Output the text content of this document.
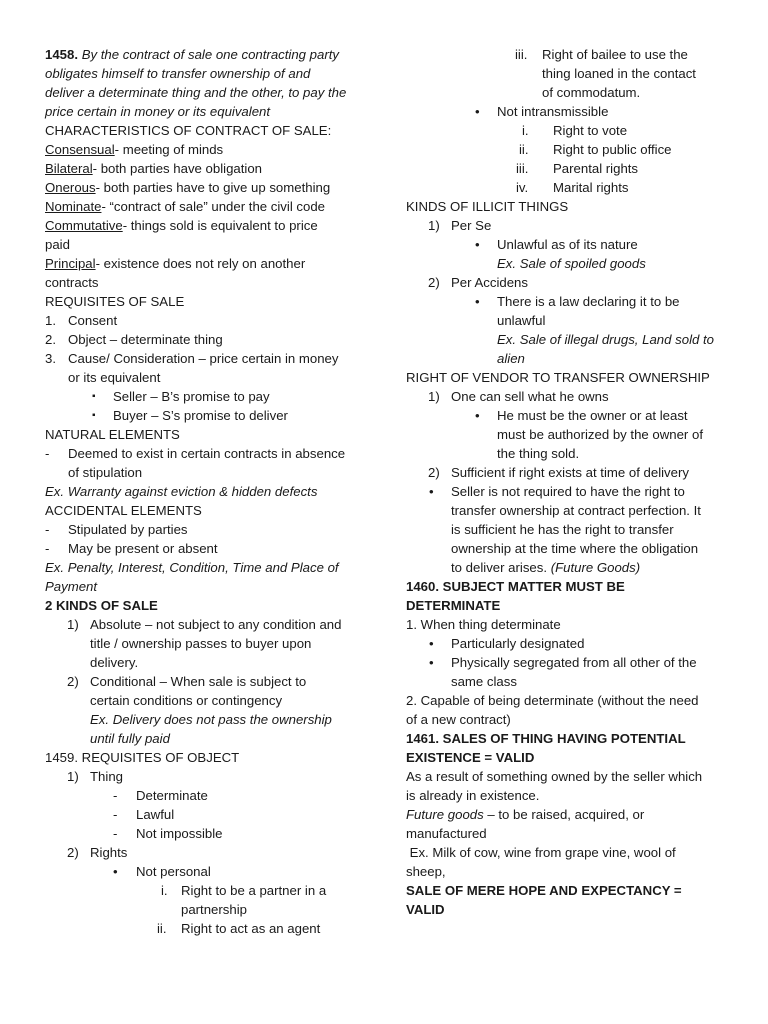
1458. By the contract of sale one contracting party
obligates himself to transfer ownership of and
deliver a determinate thing and the other, to pay the
price certain in money or its equivalent
CHARACTERISTICS OF CONTRACT OF SALE:
Consensual- meeting of minds
Bilateral- both parties have obligation
Onerous- both parties have to give up something
Nominate- “contract of sale” under the civil code
Commutative- things sold is equivalent to price
paid
Principal- existence does not rely on another
contracts
REQUISITES OF SALE
1. Consent
2. Object – determinate thing
3. Cause/ Consideration – price certain in money
or its equivalent
▪ Seller – B’s promise to pay
▪ Buyer – S’s promise to deliver
NATURAL ELEMENTS
- Deemed to exist in certain contracts in absence
of stipulation
Ex. Warranty against eviction & hidden defects
ACCIDENTAL ELEMENTS
- Stipulated by parties
- May be present or absent
Ex. Penalty, Interest, Condition, Time and Place of
Payment
2 KINDS OF SALE
1) Absolute – not subject to any condition and
title / ownership passes to buyer upon
delivery.
2) Conditional – When sale is subject to
certain conditions or contingency
Ex. Delivery does not pass the ownership
until fully paid
1459. REQUISITES OF OBJECT
1) Thing
- Determinate
- Lawful
- Not impossible
2) Rights
• Not personal
i. Right to be a partner in a
partnership
ii. Right to act as an agent
iii. Right of bailee to use the
thing loaned in the contact
of commodatum.
• Not intransmissible
i. Right to vote
ii. Right to public office
iii. Parental rights
iv. Marital rights
KINDS OF ILLICIT THINGS
1) Per Se
• Unlawful as of its nature
Ex. Sale of spoiled goods
2) Per Accidens
• There is a law declaring it to be
unlawful
Ex. Sale of illegal drugs, Land sold to
alien
RIGHT OF VENDOR TO TRANSFER OWNERSHIP
1) One can sell what he owns
• He must be the owner or at least
must be authorized by the owner of
the thing sold.
2) Sufficient if right exists at time of delivery
• Seller is not required to have the right to
transfer ownership at contract perfection. It
is sufficient he has the right to transfer
ownership at the time where the obligation
to deliver arises. (Future Goods)
1460. SUBJECT MATTER MUST BE
DETERMINATE
1. When thing determinate
• Particularly designated
• Physically segregated from all other of the
same class
2. Capable of being determinate (without the need
of a new contract)
1461. SALES OF THING HAVING POTENTIAL
EXISTENCE = VALID
As a result of something owned by the seller which
is already in existence.
Future goods – to be raised, acquired, or
manufactured
Ex. Milk of cow, wine from grape vine, wool of
sheep,
SALE OF MERE HOPE AND EXPECTANCY =
VALID
